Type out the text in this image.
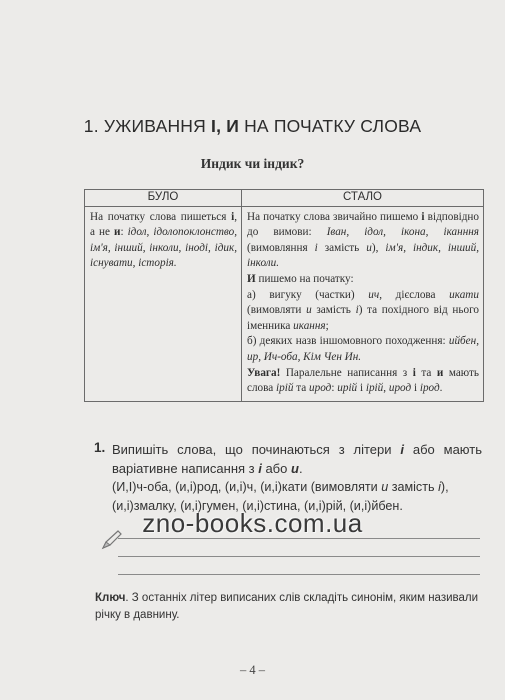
1. УЖИВАННЯ І, И НА ПОЧАТКУ СЛОВА
Индик чи індик?
БУЛО	СТАЛО
На початку слова пишеться і, а не и: ідол, ідолопоклонство, ім'я, інший, інколи, іноді, ідик, існувати, історія.	На початку слова звичайно пишемо і відповідно до вимови: Іван, ідол, ікона, іканння (вимовляння і замість и), ім'я, індик, інший, інколи.
И пишемо на початку:
а) вигуку (частки) ич, дієслова икати (вимовляти и замість і) та похідного від нього іменника икання;
б) деяких назв іншомовного походження: ийбен, ир, Ич-оба, Кім Чен Ин.
Увага! Паралельне написання з і та и мають слова ірій та ирод: ирій і ірій, ирод і ірод.
1. Випишіть слова, що починаються з літери і або мають варіативне написання з і або и.
(И,І)ч-оба, (и,і)род, (и,і)ч, (и,і)кати (вимовляти и замість і), (и,і)змалку, (и,і)гумен, (и,і)стина, (и,і)рій, (и,і)йбен.
zno-books.com.ua
Ключ. З останніх літер виписаних слів складіть синонім, яким називали річку в давнину.
– 4 –
